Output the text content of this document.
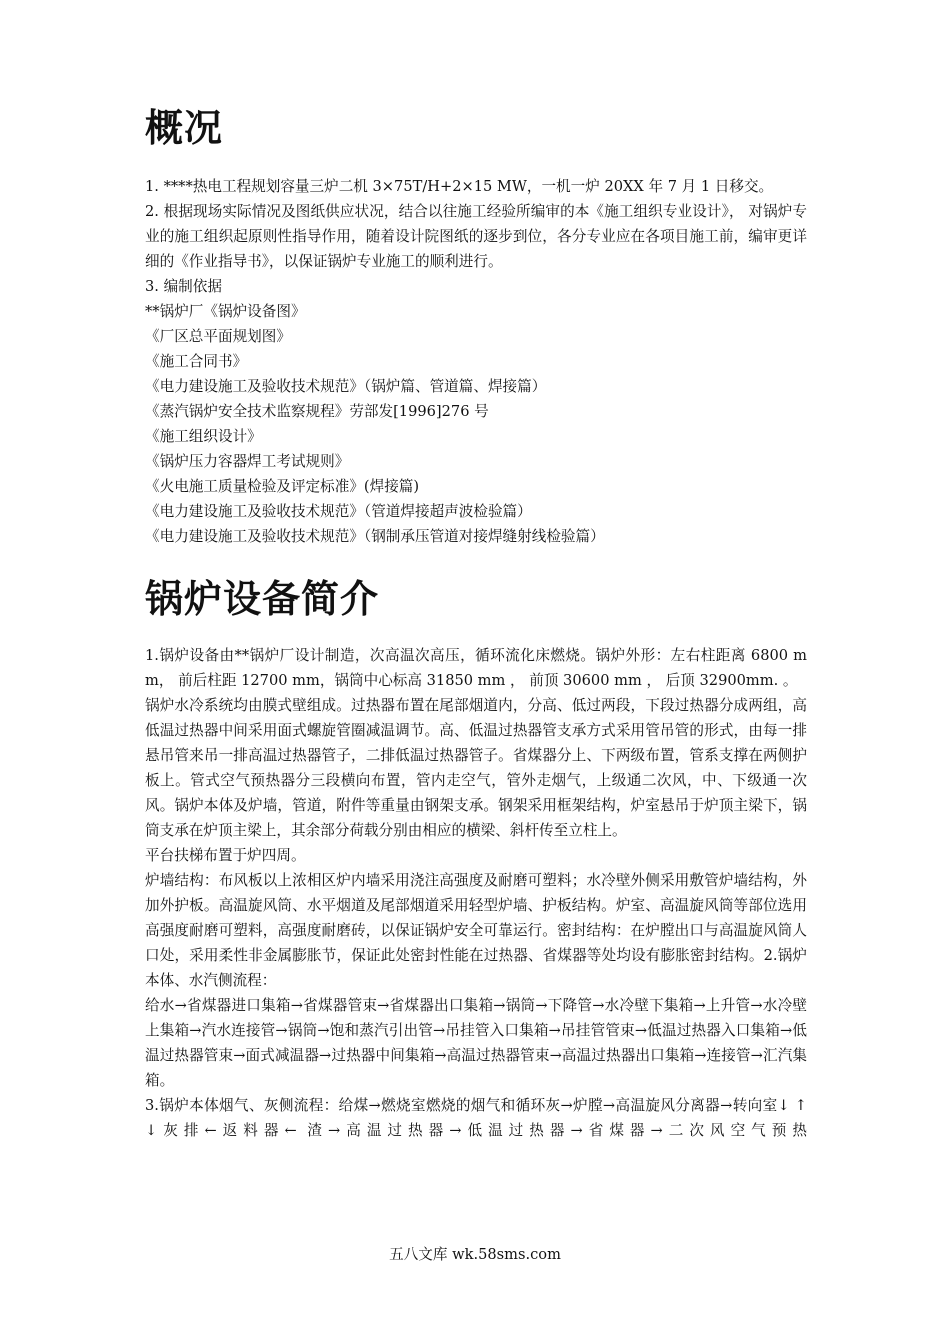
概况

1. ****热电工程规划容量三炉二机 3×75T/H+2×15 MW，一机一炉 20XX 年 7 月 1 日移交。

2. 根据现场实际情况及图纸供应状况，结合以往施工经验所编审的本《施工组织专业设计》， 对锅炉专业的施工组织起原则性指导作用，随着设计院图纸的逐步到位，各分专业应在各项目施工前，编审更详细的《作业指导书》，以保证锅炉专业施工的顺利进行。

3. 编制依据

**锅炉厂《锅炉设备图》

《厂区总平面规划图》

《施工合同书》

《电力建设施工及验收技术规范》（锅炉篇、管道篇、焊接篇）

《蒸汽锅炉安全技术监察规程》劳部发[1996]276 号

《施工组织设计》

《锅炉压力容器焊工考试规则》

《火电施工质量检验及评定标准》(焊接篇)

《电力建设施工及验收技术规范》（管道焊接超声波检验篇）

《电力建设施工及验收技术规范》（钢制承压管道对接焊缝射线检验篇）

锅炉设备简介

1.锅炉设备由**锅炉厂设计制造，次高温次高压，循环流化床燃烧。锅炉外形：左右柱距离 6800 mm， 前后柱距 12700 mm，锅筒中心标高 31850 mm ， 前顶 30600 mm ， 后顶 32900mm. 。

锅炉水冷系统均由膜式壁组成。过热器布置在尾部烟道内，分高、低过两段，下段过热器分成两组，高低温过热器中间采用面式螺旋管圈减温调节。高、低温过热器管支承方式采用管吊管的形式，由每一排悬吊管来吊一排高温过热器管子，二排低温过热器管子。省煤器分上、下两级布置，管系支撑在两侧护板上。管式空气预热器分三段横向布置，管内走空气，管外走烟气，上级通二次风，中、下级通一次风。锅炉本体及炉墙，管道，附件等重量由钢架支承。钢架采用框架结构，炉室悬吊于炉顶主梁下，锅筒支承在炉顶主梁上，其余部分荷载分别由相应的横梁、斜杆传至立柱上。

平台扶梯布置于炉四周。

炉墙结构：布风板以上浓相区炉内墙采用浇注高强度及耐磨可塑料；水冷壁外侧采用敷管炉墙结构，外加外护板。高温旋风筒、水平烟道及尾部烟道采用轻型炉墙、护板结构。炉室、高温旋风筒等部位选用高强度耐磨可塑料，高强度耐磨砖，以保证锅炉安全可靠运行。密封结构：在炉膛出口与高温旋风筒人口处，采用柔性非金属膨胀节，保证此处密封性能在过热器、省煤器等处均设有膨胀密封结构。2.锅炉本体、水汽侧流程：

给水→省煤器进口集箱→省煤器管束→省煤器出口集箱→锅筒→下降管→水冷壁下集箱→上升管→水冷壁上集箱→汽水连接管→锅筒→饱和蒸汽引出管→吊挂管入口集箱→吊挂管管束→低温过热器入口集箱→低温过热器管束→面式减温器→过热器中间集箱→高温过热器管束→高温过热器出口集箱→连接管→汇汽集箱。

3.锅炉本体烟气、灰侧流程：给煤→燃烧室燃烧的烟气和循环灰→炉膛→高温旋风分离器→转向室↓ ↑ ↓灰排←返料器← 渣→高温过热器→低温过热器→省煤器→二次风空气预热

五八文库 wk.58sms.com
